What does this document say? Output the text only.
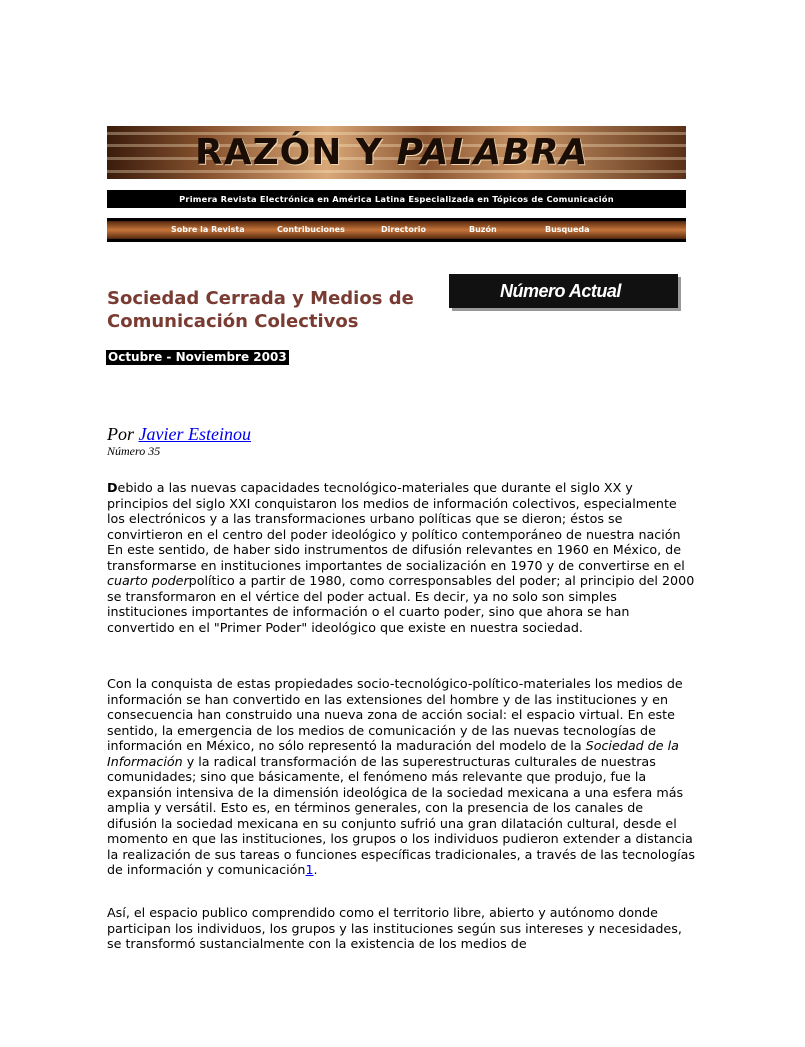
RAZÓN Y PALABRA
Primera Revista Electrónica en América Latina Especializada en Tópicos de Comunicación
Sobre la Revista	Contribuciones	Directorio	Buzón	Busqueda
Sociedad Cerrada y Medios de Comunicación Colectivos
Número Actual
Octubre - Noviembre 2003
Por Javier Esteinou
Número 35

Debido a las nuevas capacidades tecnológico-materiales que durante el siglo XX y principios del siglo XXI conquistaron los medios de información colectivos, especialmente los electrónicos y a las transformaciones urbano políticas que se dieron; éstos se convirtieron en el centro del poder ideológico y político contemporáneo de nuestra nación En este sentido, de haber sido instrumentos de difusión relevantes en 1960 en México, de transformarse en instituciones importantes de socialización en 1970 y de convertirse en el cuarto poderpolítico a partir de 1980, como corresponsables del poder; al principio del 2000 se transformaron en el vértice del poder actual. Es decir, ya no solo son simples instituciones importantes de información o el cuarto poder, sino que ahora se han convertido en el "Primer Poder" ideológico que existe en nuestra sociedad.

Con la conquista de estas propiedades socio-tecnológico-político-materiales los medios de información se han convertido en las extensiones del hombre y de las instituciones y en consecuencia han construido una nueva zona de acción social: el espacio virtual. En este sentido, la emergencia de los medios de comunicación y de las nuevas tecnologías de información en México, no sólo representó la maduración del modelo de la Sociedad de la Información y la radical transformación de las superestructuras culturales de nuestras comunidades; sino que básicamente, el fenómeno más relevante que produjo, fue la expansión intensiva de la dimensión ideológica de la sociedad mexicana a una esfera más amplia y versátil. Esto es, en términos generales, con la presencia de los canales de difusión la sociedad mexicana en su conjunto sufrió una gran dilatación cultural, desde el momento en que las instituciones, los grupos o los individuos pudieron extender a distancia la realización de sus tareas o funciones específicas tradicionales, a través de las tecnologías de información y comunicación1.

Así, el espacio publico comprendido como el territorio libre, abierto y autónomo donde participan los individuos, los grupos y las instituciones según sus intereses y necesidades, se transformó sustancialmente con la existencia de los medios de
